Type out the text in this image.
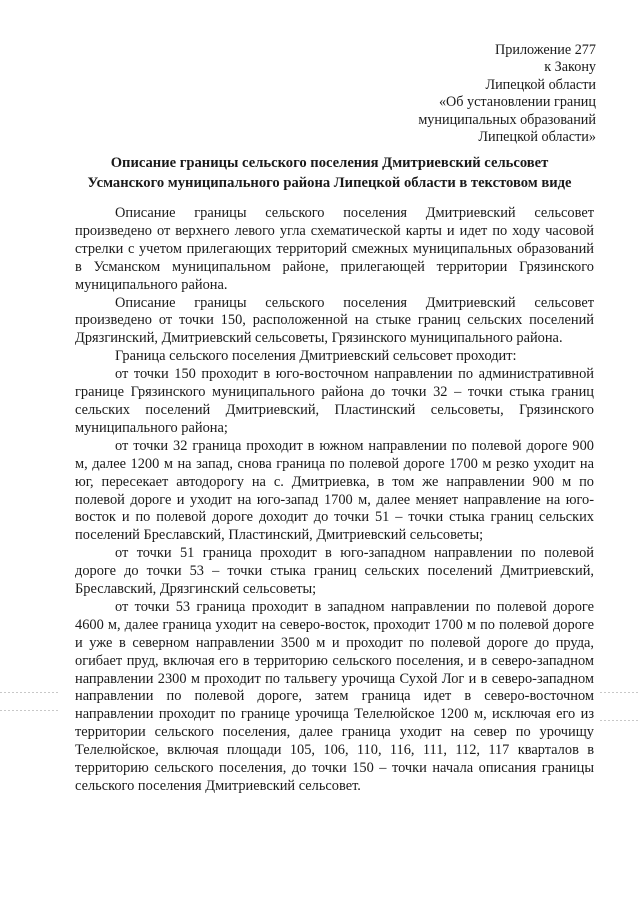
Приложение 277
к Закону
Липецкой области
«Об установлении границ
муниципальных образований
Липецкой области»
Описание границы сельского поселения Дмитриевский сельсовет
Усманского муниципального района Липецкой области в текстовом виде

Описание границы сельского поселения Дмитриевский сельсовет произведено от верхнего левого угла схематической карты и идет по ходу часовой стрелки с учетом прилегающих территорий смежных муниципальных образований в Усманском муниципальном районе, прилегающей территории Грязинского муниципального района.

Описание границы сельского поселения Дмитриевский сельсовет произведено от точки 150, расположенной на стыке границ сельских поселений Дрязгинский, Дмитриевский сельсоветы, Грязинского муниципального района.

Граница сельского поселения Дмитриевский сельсовет проходит:

от точки 150 проходит в юго-восточном направлении по административной границе Грязинского муниципального района до точки 32 – точки стыка границ сельских поселений Дмитриевский, Пластинский сельсоветы, Грязинского муниципального района;

от точки 32 граница проходит в южном направлении по полевой дороге 900 м, далее 1200 м на запад, снова граница по полевой дороге 1700 м резко уходит на юг, пересекает автодорогу на с. Дмитриевка, в том же направлении 900 м по полевой дороге и уходит на юго-запад 1700 м, далее меняет направление на юго-восток и по полевой дороге доходит до точки 51 – точки стыка границ сельских поселений Бреславский, Пластинский, Дмитриевский сельсоветы;

от точки 51 граница проходит в юго-западном направлении по полевой дороге до точки 53 – точки стыка границ сельских поселений Дмитриевский, Бреславский, Дрязгинский сельсоветы;

от точки 53 граница проходит в западном направлении по полевой дороге 4600 м, далее граница уходит на северо-восток, проходит 1700 м по полевой дороге и уже в северном направлении 3500 м и проходит по полевой дороге до пруда, огибает пруд, включая его в территорию сельского поселения, и в северо-западном направлении 2300 м проходит по тальвегу урочища Сухой Лог и в северо-западном направлении по полевой дороге, затем граница идет в северо-восточном направлении проходит по границе урочища Телелюйское 1200 м, исключая его из территории сельского поселения, далее граница уходит на север по урочищу Телелюйское, включая площади 105, 106, 110, 116, 111, 112, 117 кварталов в территорию сельского поселения, до точки 150 – точки начала описания границы сельского поселения Дмитриевский сельсовет.
